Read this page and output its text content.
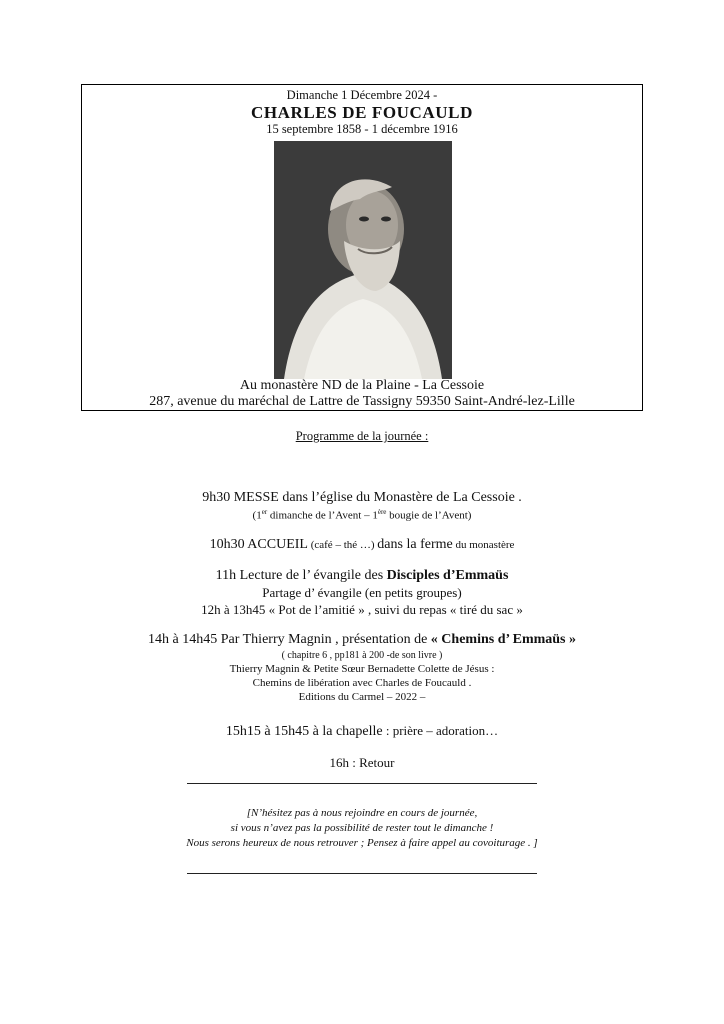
Dimanche 1 Décembre 2024 -
CHARLES DE FOUCAULD
15 septembre 1858 - 1 décembre 1916
Au monastère ND de la Plaine - La Cessoie
287, avenue du maréchal de Lattre de Tassigny 59350 Saint-André-lez-Lille
Programme de la journée :
9h30 MESSE dans l’église du Monastère de La Cessoie .
(1er dimanche de l’Avent – 1ère bougie de l’Avent)
10h30 ACCUEIL (café – thé …) dans la ferme du monastère
11h Lecture de l’ évangile des Disciples d’Emmaüs
Partage d’ évangile (en petits groupes)
12h à 13h45 « Pot de l’amitié » , suivi du repas « tiré du sac »
14h à 14h45 Par Thierry Magnin , présentation de « Chemins d’ Emmaüs »
( chapitre 6 , pp181 à 200 -de son livre )
Thierry Magnin & Petite Sœur Bernadette Colette de Jésus :
Chemins de libération avec Charles de Foucauld .
Editions du Carmel – 2022 –
15h15 à 15h45 à la chapelle : prière – adoration…
16h : Retour
[N’hésitez pas à nous rejoindre en cours de journée,
si vous n’avez pas la possibilité de rester tout le dimanche !
Nous serons heureux de nous retrouver ; Pensez à faire appel au covoiturage . ]
